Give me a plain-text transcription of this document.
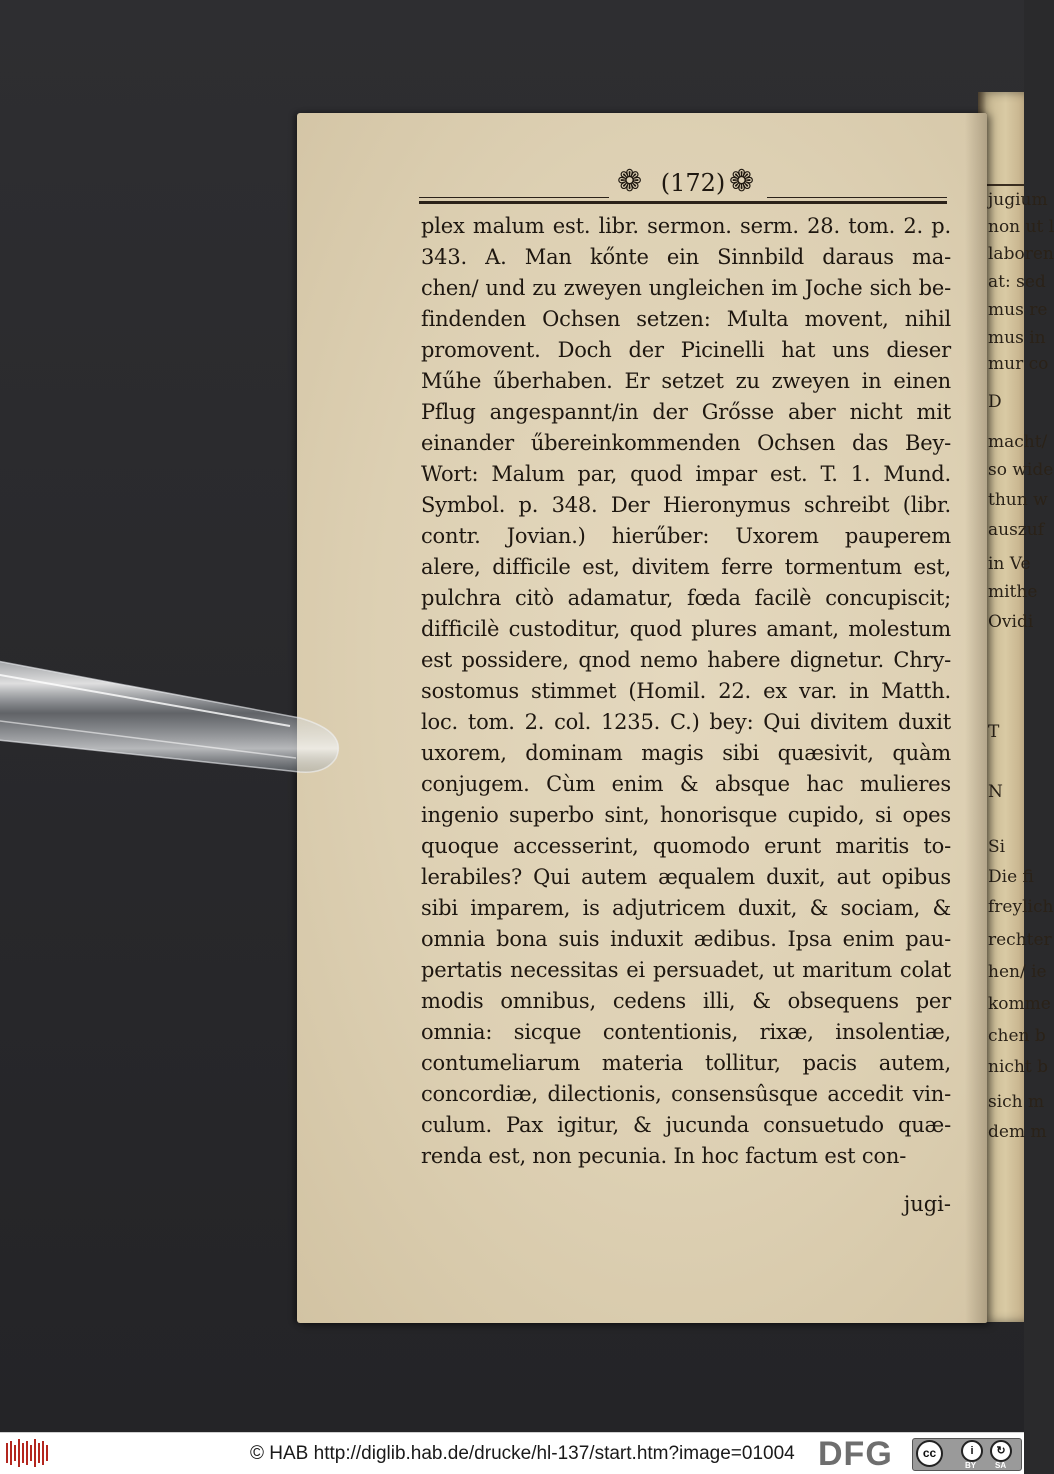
jugium
non ut l
laboren
at: sed
mus re
mus in
mur co
D
macht/
so wide
thun w
auszuf
in Ve
mithe
Ovidi
T
N
Si
Die fi
freylich
rechter
hen/ ie
komme
chen b
nicht b
sich m
dem m
❁ (172) ❁
plex malum est. libr. sermon. serm. 28. tom. 2. p.
343. A. Man kőnte ein Sinnbild daraus ma-
chen/ und zu zweyen ungleichen im Joche sich be-
findenden Ochsen setzen: Multa movent, nihil
promovent. Doch der Picinelli hat uns dieser
Műhe űberhaben. Er setzet zu zweyen in einen
Pflug angespannt/in der Grősse aber nicht mit
einander űbereinkommenden Ochsen das Bey-
Wort: Malum par, quod impar est. T. 1. Mund.
Symbol. p. 348. Der Hieronymus schreibt (libr.
contr. Jovian.) hierűber: Uxorem pauperem
alere, difficile est, divitem ferre tormentum est,
pulchra citò adamatur, fœda facilè concupiscit;
difficilè custoditur, quod plures amant, molestum
est possidere, qnod nemo habere dignetur. Chry-
sostomus stimmet (Homil. 22. ex var. in Matth.
loc. tom. 2. col. 1235. C.) bey: Qui divitem duxit
uxorem, dominam magis sibi quæsivit, quàm
conjugem. Cùm enim & absque hac mulieres
ingenio superbo sint, honorisque cupido, si opes
quoque accesserint, quomodo erunt maritis to-
lerabiles? Qui autem æqualem duxit, aut opibus
sibi imparem, is adjutricem duxit, & sociam, &
omnia bona suis induxit ædibus. Ipsa enim pau-
pertatis necessitas ei persuadet, ut maritum colat
modis omnibus, cedens illi, & obsequens per
omnia: sicque contentionis, rixæ, insolentiæ,
contumeliarum materia tollitur, pacis autem,
concordiæ, dilectionis, consensûsque accedit vin-
culum. Pax igitur, & jucunda consuetudo quæ-
renda est, non pecunia. In hoc factum est con-
jugi-
© HAB http://diglib.hab.de/drucke/hl-137/start.htm?image=01004 DFG	cc	i	↻
BY SA
